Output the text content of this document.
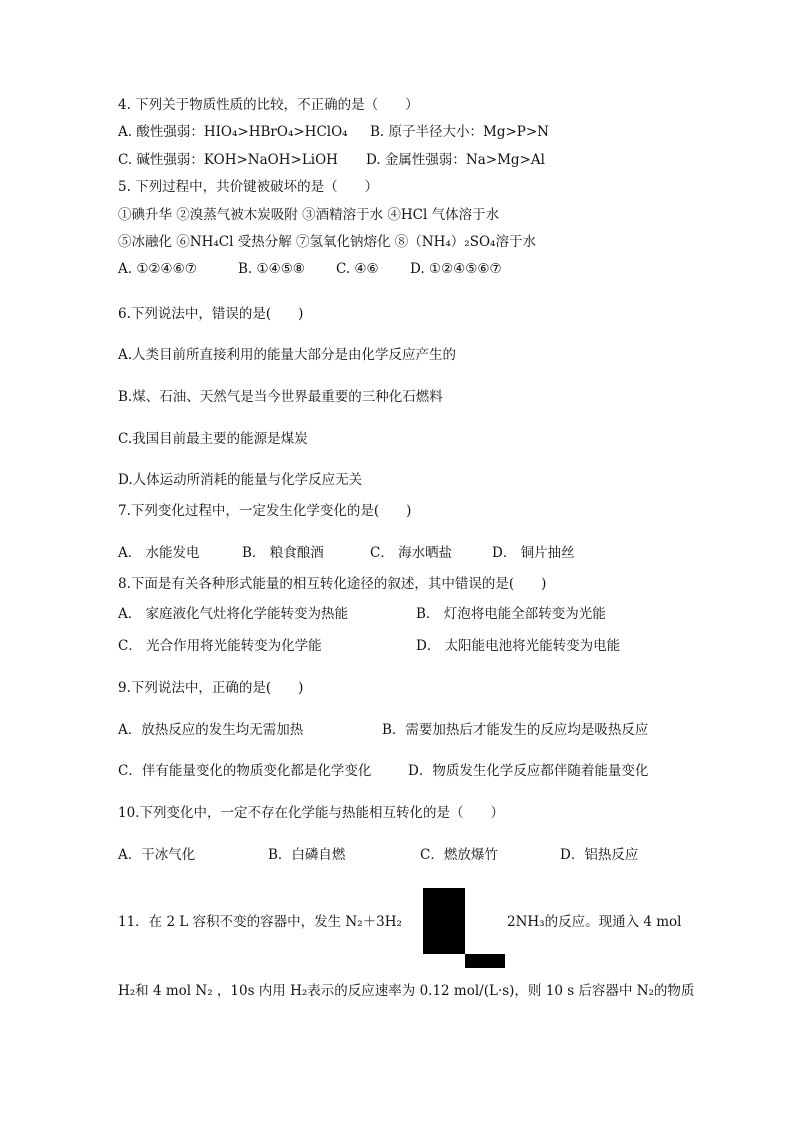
4. 下列关于物质性质的比较，不正确的是（　　）
A. 酸性强弱：HIO₄>HBrO₄>HClO₄ B. 原子半径大小：Mg>P>N
C. 碱性强弱：KOH>NaOH>LiOH D. 金属性强弱：Na>Mg>Al
5. 下列过程中，共价键被破坏的是（　　）
①碘升华 ②溴蒸气被木炭吸附 ③酒精溶于水 ④HCl 气体溶于水
⑤冰融化 ⑥NH₄Cl 受热分解 ⑦氢氧化钠熔化 ⑧（NH₄）₂SO₄溶于水
A. ①②④⑥⑦	B. ①④⑤⑧ C. ④⑥ D. ①②④⑤⑥⑦
6.下列说法中，错误的是(　　)
A.人类目前所直接利用的能量大部分是由化学反应产生的
B.煤、石油、天然气是当今世界最重要的三种化石燃料
C.我国目前最主要的能源是煤炭
D.人体运动所消耗的能量与化学反应无关
7.下列变化过程中，一定发生化学变化的是(　　)
A． 水能发电	B． 粮食酿酒	C． 海水晒盐	D． 铜片抽丝
8.下面是有关各种形式能量的相互转化途径的叙述，其中错误的是(　　)
A． 家庭液化气灶将化学能转变为热能	B． 灯泡将电能全部转变为光能
C． 光合作用将光能转变为化学能	D． 太阳能电池将光能转变为电能
9.下列说法中，正确的是(　　)
A．放热反应的发生均无需加热	B．需要加热后才能发生的反应均是吸热反应
C．伴有能量变化的物质变化都是化学变化	D．物质发生化学反应都伴随着能量变化
10.下列变化中，一定不存在化学能与热能相互转化的是（　　）
A．干冰气化	B．白磷自燃	C．燃放爆竹	D．铝热反应
11．在 2 L 容积不变的容器中，发生 N₂＋3H₂	2NH₃的反应。现通入 4 mol
H₂和 4 mol N₂ ，10s 内用 H₂表示的反应速率为 0.12 mol/(L·s)，则 10 s 后容器中 N₂的物质
